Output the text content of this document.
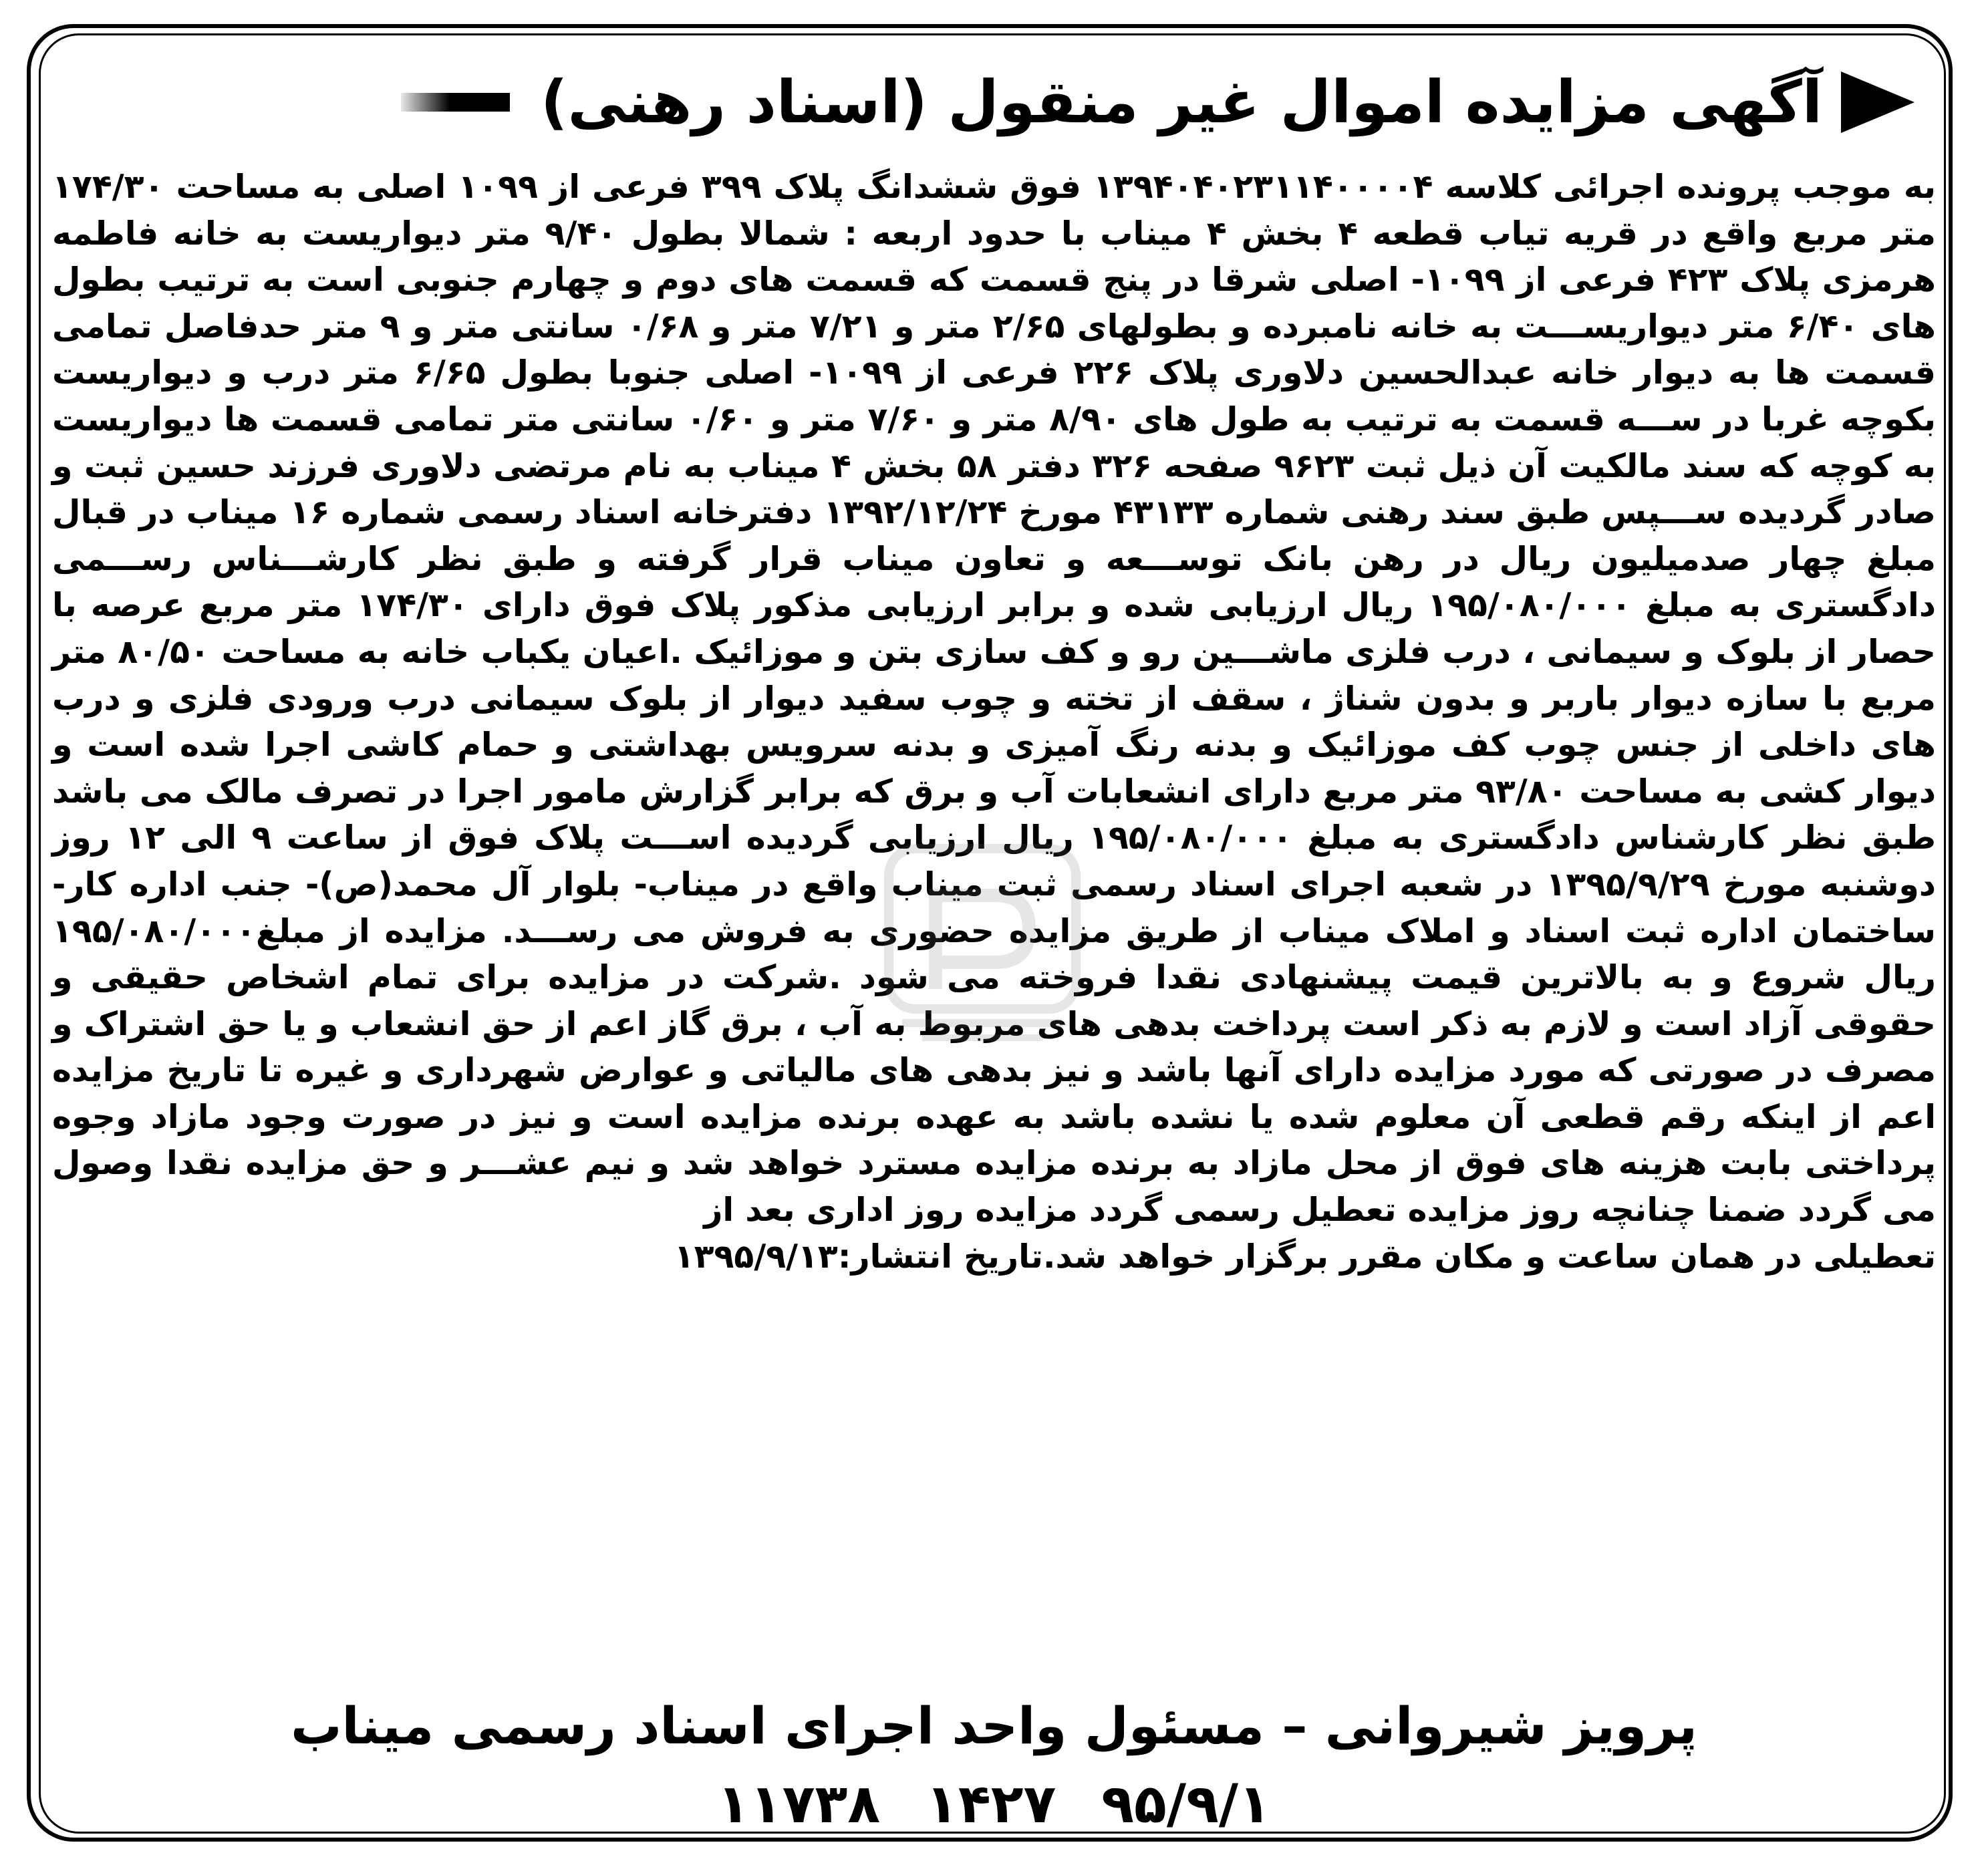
آگهی مزایده اموال غیر منقول (اسناد رهنی)

به موجب پرونده اجرائی کلاسه ۱۳۹۴۰۴۰۲۳۱۱۴۰۰۰۰۴ فوق ششدانگ پلاک ۳۹۹ فرعی از ۱۰۹۹ اصلی به مساحت ۱۷۴/۳۰ متر مربع واقع در قریه تیاب قطعه ۴ بخش ۴ میناب با حدود اربعه : شمالا بطول ۹/۴۰ متر دیواریست به خانه فاطمه هرمزی پلاک ۴۲۳ فرعی از ۱۰۹۹- اصلی شرقا در پنج قسمت که قسمت های دوم و چهارم جنوبی است به ترتیب بطول های ۶/۴۰ متر دیواریســـت به خانه نامبرده و بطولهای ۲/۶۵ متر و ۷/۲۱ متر و ۰/۶۸ سانتی متر و ۹ متر حدفاصل تمامی قسمت ها به دیوار خانه عبدالحسین دلاوری پلاک ۲۲۶ فرعی از ۱۰۹۹- اصلی جنوبا بطول ۶/۶۵ متر درب و دیواریست بکوچه غربا در ســـه قسمت به ترتیب به طول های ۸/۹۰ متر و ۷/۶۰ متر و ۰/۶۰ سانتی متر تمامی قسمت ها دیواریست به کوچه که سند مالکیت آن ذیل ثبت ۹۶۲۳ صفحه ۳۲۶ دفتر ۵۸ بخش ۴ میناب به نام مرتضی دلاوری فرزند حسین ثبت و صادر گردیده ســـپس طبق سند رهنی شماره ۴۳۱۳۳ مورخ ۱۳۹۲/۱۲/۲۴ دفترخانه اسناد رسمی شماره ۱۶ میناب در قبال مبلغ چهار صدمیلیون ریال در رهن بانک توســـعه و تعاون میناب قرار گرفته و طبق نظر کارشـــناس رســـمی دادگستری به مبلغ ۱۹۵/۰۸۰/۰۰۰ ریال ارزیابی شده و برابر ارزیابی مذکور پلاک فوق دارای ۱۷۴/۳۰ متر مربع عرصه با حصار از بلوک و سیمانی ، درب فلزی ماشـــین رو و کف سازی بتن و موزائیک .اعیان یکباب خانه به مساحت ۸۰/۵۰ متر مربع با سازه دیوار باربر و بدون شناژ ، سقف از تخته و چوب سفید دیوار از بلوک سیمانی درب ورودی فلزی و درب های داخلی از جنس چوب کف موزائیک و بدنه رنگ آمیزی و بدنه سرویس بهداشتی و حمام کاشی اجرا شده است و دیوار کشی به مساحت ۹۳/۸۰ متر مربع دارای انشعابات آب و برق که برابر گزارش مامور اجرا در تصرف مالک می باشد طبق نظر کارشناس دادگستری به مبلغ ۱۹۵/۰۸۰/۰۰۰ ریال ارزیابی گردیده اســـت پلاک فوق از ساعت ۹ الی ۱۲ روز دوشنبه مورخ ۱۳۹۵/۹/۲۹ در شعبه اجرای اسناد رسمی ثبت میناب واقع در میناب- بلوار آل محمد(ص)- جنب اداره کار- ساختمان اداره ثبت اسناد و املاک میناب از طریق مزایده حضوری به فروش می رســـد. مزایده از مبلغ۱۹۵/۰۸۰/۰۰۰ ریال شروع و به بالاترین قیمت پیشنهادی نقدا فروخته می شود .شرکت در مزایده برای تمام اشخاص حقیقی و حقوقی آزاد است و لازم به ذکر است پرداخت بدهی های مربوط به آب ، برق گاز اعم از حق انشعاب و یا حق اشتراک و مصرف در صورتی که مورد مزایده دارای آنها باشد و نیز بدهی های مالیاتی و عوارض شهرداری و غیره تا تاریخ مزایده اعم از اینکه رقم قطعی آن معلوم شده یا نشده باشد به عهده برنده مزایده است و نیز در صورت وجود مازاد وجوه پرداختی بابت هزینه های فوق از محل مازاد به برنده مزایده مسترد خواهد شد و نیم عشـــر و حق مزایده نقدا وصول می گردد ضمنا چنانچه روز مزایده تعطیل رسمی گردد مزایده روز اداری بعد از
تعطیلی در همان ساعت و مکان مقرر برگزار خواهد شد.تاریخ انتشار:۱۳۹۵/۹/۱۳

پرویز شیروانی – مسئول واحد اجرای اسناد رسمی میناب
۹۵/۹/۱ ۱۴۲۷ ۱۱۷۳۸
